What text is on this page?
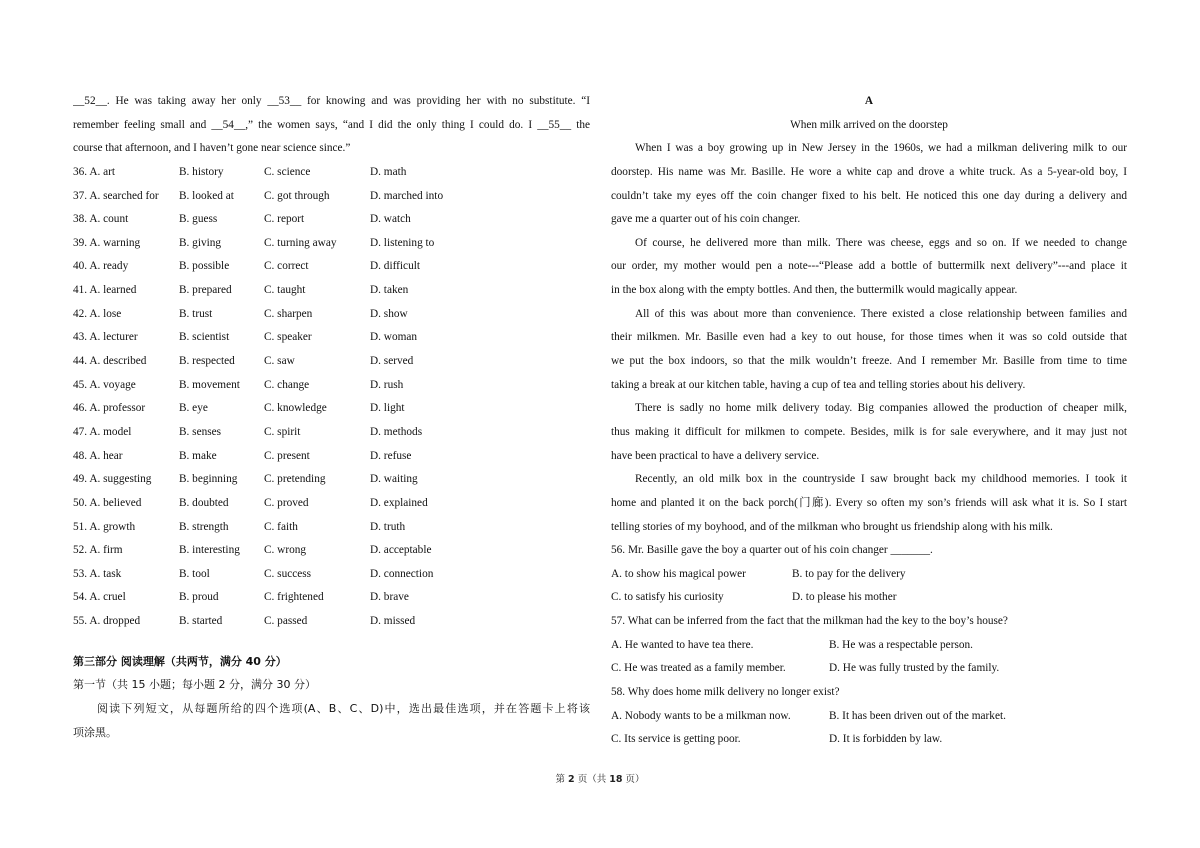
__52__. He was taking away her only __53__ for knowing and was providing her with no substitute. “I
remember feeling small and __54__,” the women says, “and I did the only thing I could do. I __55__ the
course that afternoon, and I haven’t gone near science since.”
36. A. art	B. history	C. science	D. math
37. A. searched for	B. looked at	C. got through	D. marched into
38. A. count	B. guess	C. report	D. watch
39. A. warning	B. giving	C. turning away	D. listening to
40. A. ready	B. possible	C. correct	D. difficult
41. A. learned	B. prepared	C. taught	D. taken
42. A. lose	B. trust	C. sharpen	D. show
43. A. lecturer	B. scientist	C. speaker	D. woman
44. A. described	B. respected	C. saw	D. served
45. A. voyage	B. movement	C. change	D. rush
46. A. professor	B. eye	C. knowledge	D. light
47. A. model	B. senses	C. spirit	D. methods
48. A. hear	B. make	C. present	D. refuse
49. A. suggesting	B. beginning	C. pretending	D. waiting
50. A. believed	B. doubted	C. proved	D. explained
51. A. growth	B. strength	C. faith	D. truth
52. A. firm	B. interesting	C. wrong	D. acceptable
53. A. task	B. tool	C. success	D. connection
54. A. cruel	B. proud	C. frightened	D. brave
55. A. dropped	B. started	C. passed	D. missed
第三部分 阅读理解（共两节，满分 40 分）
第一节（共 15 小题；每小题 2 分，满分 30 分）
阅读下列短文，从每题所给的四个选项(A、B、C、D)中，选出最佳选项，并在答题卡上将该
项涂黑。
A
When milk arrived on the doorstep
When I was a boy growing up in New Jersey in the 1960s, we had a milkman delivering milk to our
doorstep. His name was Mr. Basille. He wore a white cap and drove a white truck. As a 5-year-old boy, I
couldn’t take my eyes off the coin changer fixed to his belt. He noticed this one day during a delivery and
gave me a quarter out of his coin changer.
Of course, he delivered more than milk. There was cheese, eggs and so on. If we needed to change
our order, my mother would pen a note---“Please add a bottle of buttermilk next delivery”---and place it
in the box along with the empty bottles. And then, the buttermilk would magically appear.
All of this was about more than convenience. There existed a close relationship between families and
their milkmen. Mr. Basille even had a key to out house, for those times when it was so cold outside that
we put the box indoors, so that the milk wouldn’t freeze. And I remember Mr. Basille from time to time
taking a break at our kitchen table, having a cup of tea and telling stories about his delivery.
There is sadly no home milk delivery today. Big companies allowed the production of cheaper milk,
thus making it difficult for milkmen to compete. Besides, milk is for sale everywhere, and it may just not
have been practical to have a delivery service.
Recently, an old milk box in the countryside I saw brought back my childhood memories. I took it
home and planted it on the back porch(门廊). Every so often my son’s friends will ask what it is. So I start
telling stories of my boyhood, and of the milkman who brought us friendship along with his milk.
56. Mr. Basille gave the boy a quarter out of his coin changer _______.
A. to show his magical power	B. to pay for the delivery
C. to satisfy his curiosity	D. to please his mother
57. What can be inferred from the fact that the milkman had the key to the boy’s house?
A. He wanted to have tea there.	B. He was a respectable person.
C. He was treated as a family member.	D. He was fully trusted by the family.
58. Why does home milk delivery no longer exist?
A. Nobody wants to be a milkman now.	B. It has been driven out of the market.
C. Its service is getting poor.	D. It is forbidden by law.
第 2 页（共 18 页）
